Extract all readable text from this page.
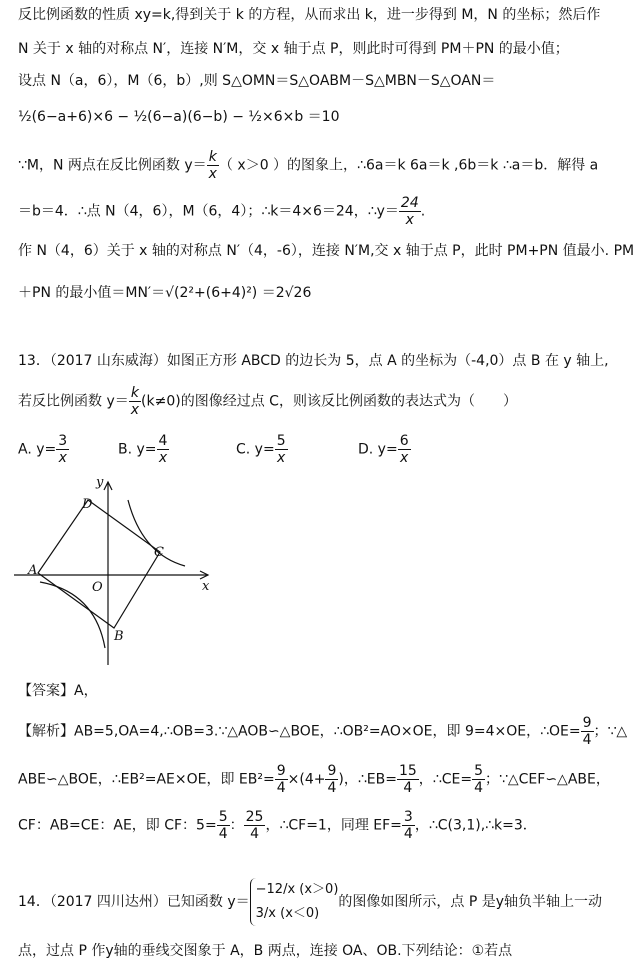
反比例函数的性质 xy=k,得到关于 k 的方程，从而求出 k，进一步得到 M，N 的坐标；然后作
N 关于 x 轴的对称点 N′，连接 N′M，交 x 轴于点 P，则此时可得到 PM＋PN 的最小值；
设点 N（a，6），M（6，b）,则 S△OMN＝S△OABM－S△MBN－S△OAN＝
½(6−a+6)×6 − ½(6−a)(6−b) − ½×6×b ＝10
∵M，N 两点在反比例函数 $y= \frac{k}{x}$ （ x＞0 ）的图象上，∴6a＝k 6a＝k ,6b＝k ∴a＝b．解得 a
＝b＝4．∴点 N（4，6），M（6，4）；∴k＝4×6＝24，∴y＝ $\frac{24}{x}$ .
作 N（4，6）关于 x 轴的对称点 N′（4，-6），连接 N′M,交 x 轴于点 P，此时 PM+PN 值最小. PM
＋PN 的最小值＝MN′＝√(2²+(6+4)²) ＝2√26
13．（2017 山东威海）如图正方形 ABCD 的边长为 5，点 A 的坐标为（-4,0）点 B 在 y 轴上,
若反比例函数 $y= \frac{k}{x} (k\ne 0)$的图像经过点 C，则该反比例函数的表达式为（　　）
A. $y= \frac{3}{x}$	B. $y= \frac{4}{x}$	C. $y= \frac{5}{x}$	D. $y= \frac{6}{x}$
A
B
C
D
O	x
y
【答案】A，
【解析】AB=5,OA=4,∴OB=3.∵△AOB∽△BOE，∴OB²=AO×OE，即 9=4×OE，∴OE= $\frac{9}{4}$ ；∵△
ABE∽△BOE，∴EB²=AE×OE，即 $EB^2= \frac{9}{4} \times(4+ \frac{9}{4}$ )，∴EB= $\frac{15}{4}$ ，∴CE= $\frac{5}{4}$ ；∵△CEF∽△ABE，
CF：AB=CE：AE，即 CF：$5= \frac{5}{4}$ ： $\frac{25}{4}$ ，∴CF=1，同理 $EF= \frac{3}{4}$ ，∴C(3,1),∴k=3．
14．（2017 四川达州）已知函数 y＝
−12/x (x＞0)
3/x (x＜0)
的图像如图所示，点 P 是y轴负半轴上一动
点，过点 P 作y轴的垂线交图象于 A，B 两点，连接 OA、OB.下列结论：①若点
